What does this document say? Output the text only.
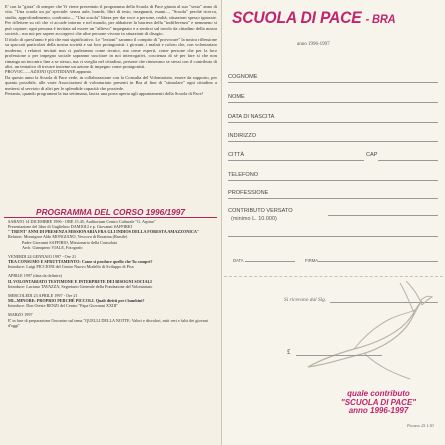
E' con la "gioia" di sempre che Vi viene presentato il programma della Scuola di Pace giunta al suo "sesto" anno di vita. "Una scuola un po' speciale: senza aule, banchi, libri di testo, insegnanti, esami..., "Scuola" perché ricerca, studio, approfondimento, confronto..., "Una scuola" libera per dar voce a persone, realtà, situazioni spesso ignorate. Per riflettere su ciò che ci accade intorno e nel mondo, per abbattere la barriera della "indifferenza" e nemmeno si può copiare; ogni persona è invitata ad essere un "allievo" impegnato e a sentirsi sul tavolo da cittadino della nostra società... ma noi per sapere accorgerci che altre persone vivono in situazioni di disagio.

Il titolo di quest'anno è più che mai significativo. Le "lezioni" saranno il compito di "provocare" la nostra riflessione su spaccati particolari della nostra società e sui loro protagonisti: i giovani, i malati e coloro che, con volontariato moderno, i relatori invitati non ci parleranno come tecnici, ma come esperti, come persone che per la loro professione o per impegno sociale sapranno suscitare in noi interrogativi, coscienza di sé per fare si che non rimanga un incontro fine a se stesso, ma ci sveglia nel cittadino, persone che rinnovano se stessi con il contributo di altri, un tentativo di trovare insieme un azione di impegno come protagonisti.

PROVOC......AZIONI QUOTIDIANE appunto.

Da questo anno la Scuola di Pace vede, in collaborazione con la Consulta del Volontariato, essere da supporto, per quanto possibile, alle varie Associazioni di volontariato presenti in Bra al fine di "stimolare" ogni cittadino a mettersi al servizio di altri per le splendide capacità che possiede.

Pertanto, quando programmi la tua settimana, lascia una porta aperta agli appuntamenti della Scuola di Pace!

PROGRAMMA DEL CORSO 1996/1997
SABATO 14 DICEMBRE 1996 - ORE 15.45, Auditorium Centro Culturale "G. Arpino"
Presentazione del libro di Guglielmo DAMIOLI e p. Giovanni SAFFIRIO
" TRENT' ANNI DI PRESENZA MISSIONARIA FRA GLI INDIOS DELLA FORESTA AMAZZONICA"
Relatori: Monsignor Aldo MONGIANO, Vescovo di Roraima (Brasile)
Padre Giovanni SAFFIRIO, Missionario della Consolata
Arch. Giampiero VIALE, Fotografo
VENERDI 24 GENNAIO 1997 - Ore 21
TRA CONSUMO E SFRUTTAMENTO: Come si produce quello che Tu compri?
Introduce: Luigi PICCIONI del Centro Nuovo Modello di Sviluppo di Pisa
APRILE 1997 (data da definire)
IL VOLONTARIATO TESTIMONE E INTERPRETE DEI BISOGNI SOCIALI
Introduce: Luciano TAVAZZA, Segretario Generale della Fondazione del Volontariato
MERCOLEDI 23 APRILE 1997 - Ore 21
MI...MINORE: PROPRIO PERCHÉ PICCOLI. Quali diritti per i bambini?
Introduce: Don Oreste BENZI del Centro "Papa Giovanni XXIII"
MARZO 1997
E' in fase di preparazione l'incontro sul tema "QUELLI DELLA NOTTE: Valori e disvalori, miti veri e falsi dei giovani d'oggi"
SCUOLA DI PACE - BRA
anno 1996-1997
COGNOME
NOME
DATA DI NASCITA
INDIRIZZO
CITTÀ	CAP
TELEFONO
PROFESSIONE
CONTRIBUTO VERSATO
(minimo L. 10.000)
DATA	FIRMA
Si ricevono dal Sig.
£
quale contributo
"SCUOLA DI PACE"
anno 1996-1997
Picasso 25.1.50
